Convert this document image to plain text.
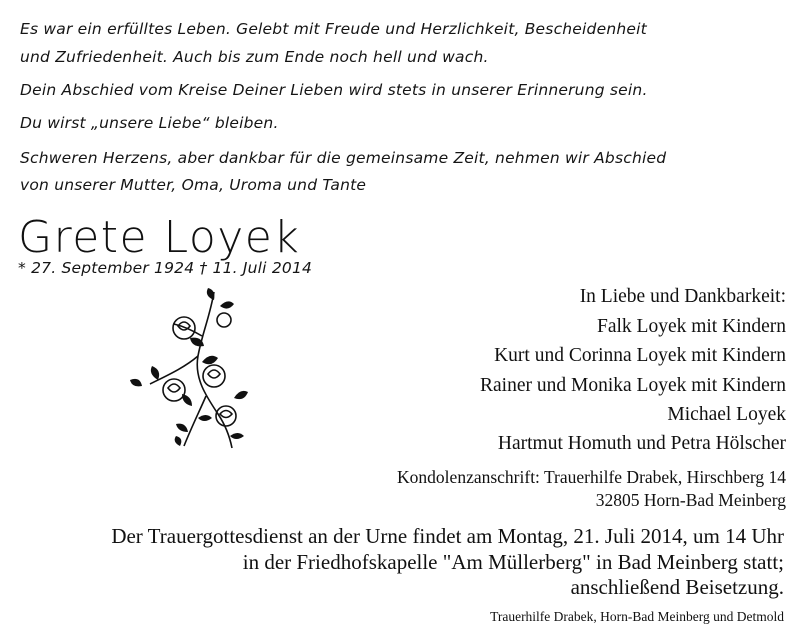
Es war ein erfülltes Leben. Gelebt mit Freude und Herzlichkeit, Bescheidenheit
und Zufriedenheit. Auch bis zum Ende noch hell und wach.
Dein Abschied vom Kreise Deiner Lieben wird stets in unserer Erinnerung sein.
Du wirst „unsere Liebe“ bleiben.
Schweren Herzens, aber dankbar für die gemeinsame Zeit, nehmen wir Abschied
von unserer Mutter, Oma, Uroma und Tante
Grete Loyek
* 27. September 1924 † 11. Juli 2014
In Liebe und Dankbarkeit:
Falk Loyek mit Kindern
Kurt und Corinna Loyek mit Kindern
Rainer und Monika Loyek mit Kindern
Michael Loyek
Hartmut Homuth und Petra Hölscher
Kondolenzanschrift: Trauerhilfe Drabek, Hirschberg 14
32805 Horn-Bad Meinberg
Der Trauergottesdienst an der Urne findet am Montag, 21. Juli 2014, um 14 Uhr
in der Friedhofskapelle "Am Müllerberg" in Bad Meinberg statt;
anschließend Beisetzung.
Trauerhilfe Drabek, Horn-Bad Meinberg und Detmold
